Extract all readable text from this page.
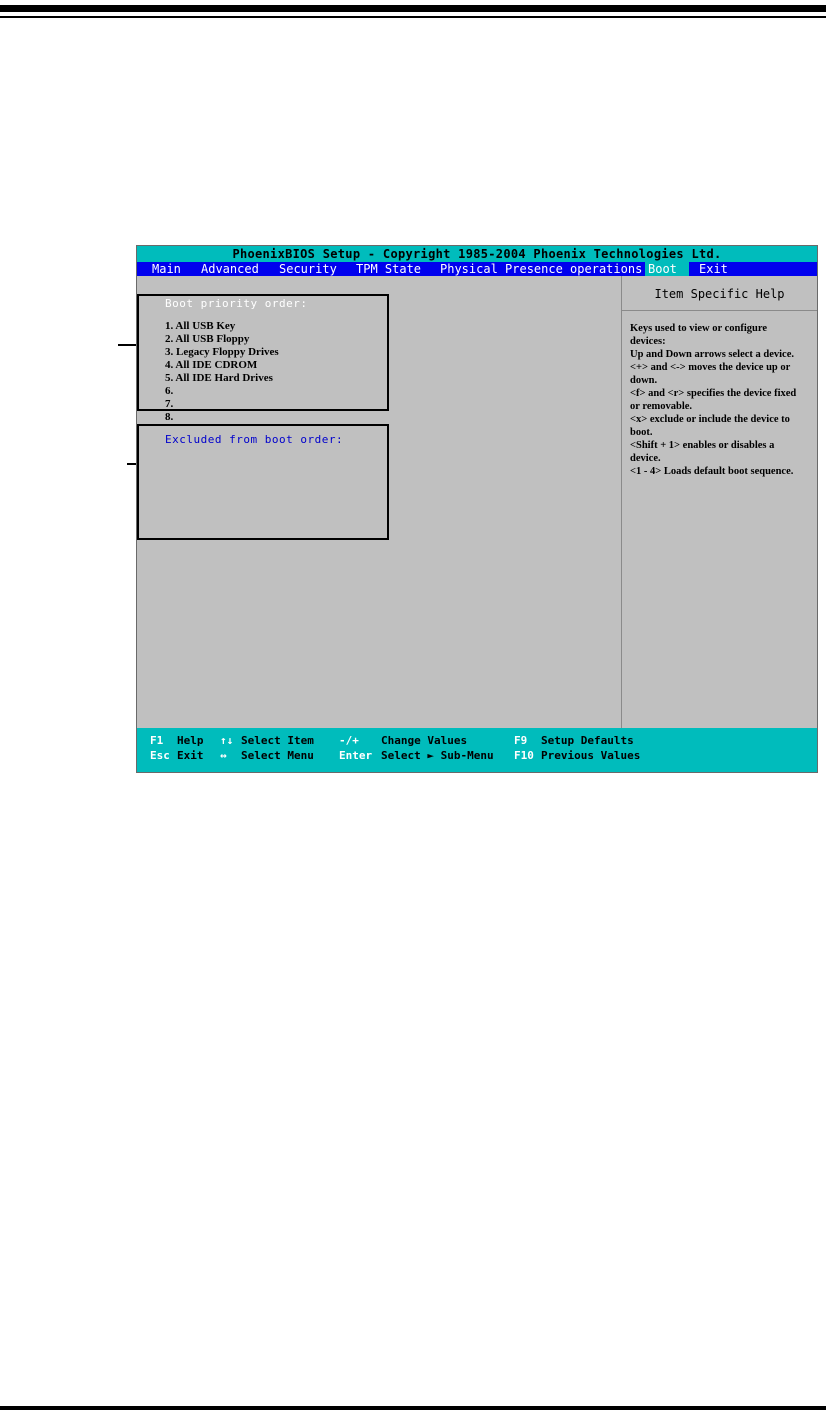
PhoenixBIOS Setup - Copyright 1985-2004 Phoenix Technologies Ltd.
Main Advanced Security TPM State Physical Presence operations Boot	Exit
Boot priority order:
1. All USB Key
2. All USB Floppy
3. Legacy Floppy Drives
4. All IDE CDROM
5. All IDE Hard Drives
6.
7.
8.
Excluded from boot order:
Item Specific Help
Keys used to view or configure
devices:
Up and Down arrows select a device.
<+> and <-> moves the device up or
down.
<f> and <r> specifies the device fixed
or removable.
<x> exclude or include the device to
boot.
<Shift + 1> enables or disables a
device.
<1 - 4> Loads default boot sequence.
F1 Help ↑↓ Select Item -/+ Change Values	F9 Setup Defaults
Esc Exit ↔ Select Menu Enter Select ► Sub-Menu F10 Previous Values
